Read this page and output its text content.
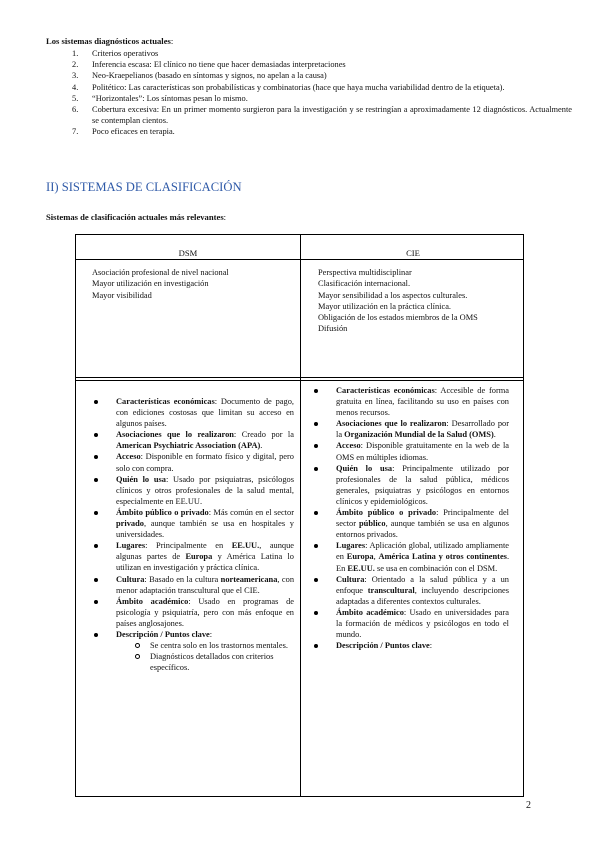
Los sistemas diagnósticos actuales:
1. Criterios operativos
2. Inferencia escasa: El clínico no tiene que hacer demasiadas interpretaciones
3. Neo-Kraepelianos (basado en síntomas y signos, no apelan a la causa)
4. Politético: Las características son probabilísticas y combinatorias (hace que haya mucha variabilidad dentro de la etiqueta).
5. “Horizontales”: Los síntomas pesan lo mismo.
6. Cobertura excesiva: En un primer momento surgieron para la investigación y se restringían a aproximadamente 12 diagnósticos. Actualmente se contemplan cientos.
7. Poco eficaces en terapia.
II) SISTEMAS DE CLASIFICACIÓN
Sistemas de clasificación actuales más relevantes:
DSM	CIE

Asociación profesional de nivel nacional

Mayor utilización en investigación

Mayor visibilidad

Perspectiva multidisciplinar

Clasificación internacional.

Mayor sensibilidad a los aspectos culturales.

Mayor utilización en la práctica clínica.

Obligación de los estados miembros de la OMS

Difusión

Características económicas: Documento de pago, con ediciones costosas que limitan su acceso en algunos países.
Asociaciones que lo realizaron: Creado por la American Psychiatric Association (APA).
Acceso: Disponible en formato físico y digital, pero solo con compra.
Quién lo usa: Usado por psiquiatras, psicólogos clínicos y otros profesionales de la salud mental, especialmente en EE.UU.
Ámbito público o privado: Más común en el sector privado, aunque también se usa en hospitales y universidades.
Lugares: Principalmente en EE.UU., aunque algunas partes de Europa y América Latina lo utilizan en investigación y práctica clínica.
Cultura: Basado en la cultura norteamericana, con menor adaptación transcultural que el CIE.
Ámbito académico: Usado en programas de psicología y psiquiatría, pero con más enfoque en países anglosajones.
Descripción / Puntos clave:
Se centra solo en los trastornos mentales.
Diagnósticos detallados con criterios específicos.
Características económicas: Accesible de forma gratuita en línea, facilitando su uso en países con menos recursos.
Asociaciones que lo realizaron: Desarrollado por la Organización Mundial de la Salud (OMS).
Acceso: Disponible gratuitamente en la web de la OMS en múltiples idiomas.
Quién lo usa: Principalmente utilizado por profesionales de la salud pública, médicos generales, psiquiatras y psicólogos en entornos clínicos y epidemiológicos.
Ámbito público o privado: Principalmente del sector público, aunque también se usa en algunos entornos privados.
Lugares: Aplicación global, utilizado ampliamente en Europa, América Latina y otros continentes. En EE.UU. se usa en combinación con el DSM.
Cultura: Orientado a la salud pública y a un enfoque transcultural, incluyendo descripciones adaptadas a diferentes contextos culturales.
Ámbito académico: Usado en universidades para la formación de médicos y psicólogos en todo el mundo.
Descripción / Puntos clave:
2
